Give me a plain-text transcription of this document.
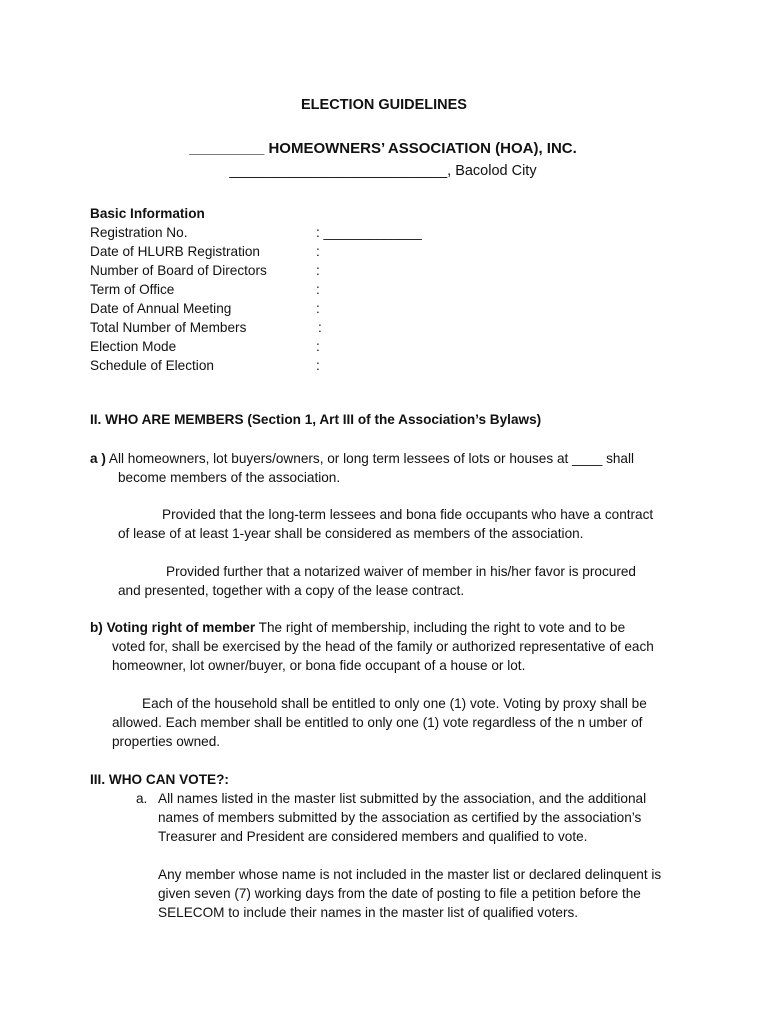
ELECTION GUIDELINES
_________ HOMEOWNERS’ ASSOCIATION (HOA), INC.
___________________________, Bacolod City
Basic Information
Registration No.	: _____________
Date of HLURB Registration	:
Number of Board of Directors	:
Term of Office	:
Date of Annual Meeting	:
Total Number of Members	:
Election Mode	:
Schedule of Election	:
II. WHO ARE MEMBERS (Section 1, Art III of the Association’s Bylaws)
a ) All homeowners, lot buyers/owners, or long term lessees of lots or houses at ____ shall
become members of the association.
Provided that the long-term lessees and bona fide occupants who have a contract
of lease of at least 1-year shall be considered as members of the association.
Provided further that a notarized waiver of member in his/her favor is procured
and presented, together with a copy of the lease contract.
b) Voting right of member The right of membership, including the right to vote and to be
voted for, shall be exercised by the head of the family or authorized representative of each
homeowner, lot owner/buyer, or bona fide occupant of a house or lot.
Each of the household shall be entitled to only one (1) vote. Voting by proxy shall be
allowed. Each member shall be entitled to only one (1) vote regardless of the n umber of
properties owned.
III. WHO CAN VOTE?:
a. All names listed in the master list submitted by the association, and the additional
names of members submitted by the association as certified by the association’s
Treasurer and President are considered members and qualified to vote.
Any member whose name is not included in the master list or declared delinquent is
given seven (7) working days from the date of posting to file a petition before the
SELECOM to include their names in the master list of qualified voters.
